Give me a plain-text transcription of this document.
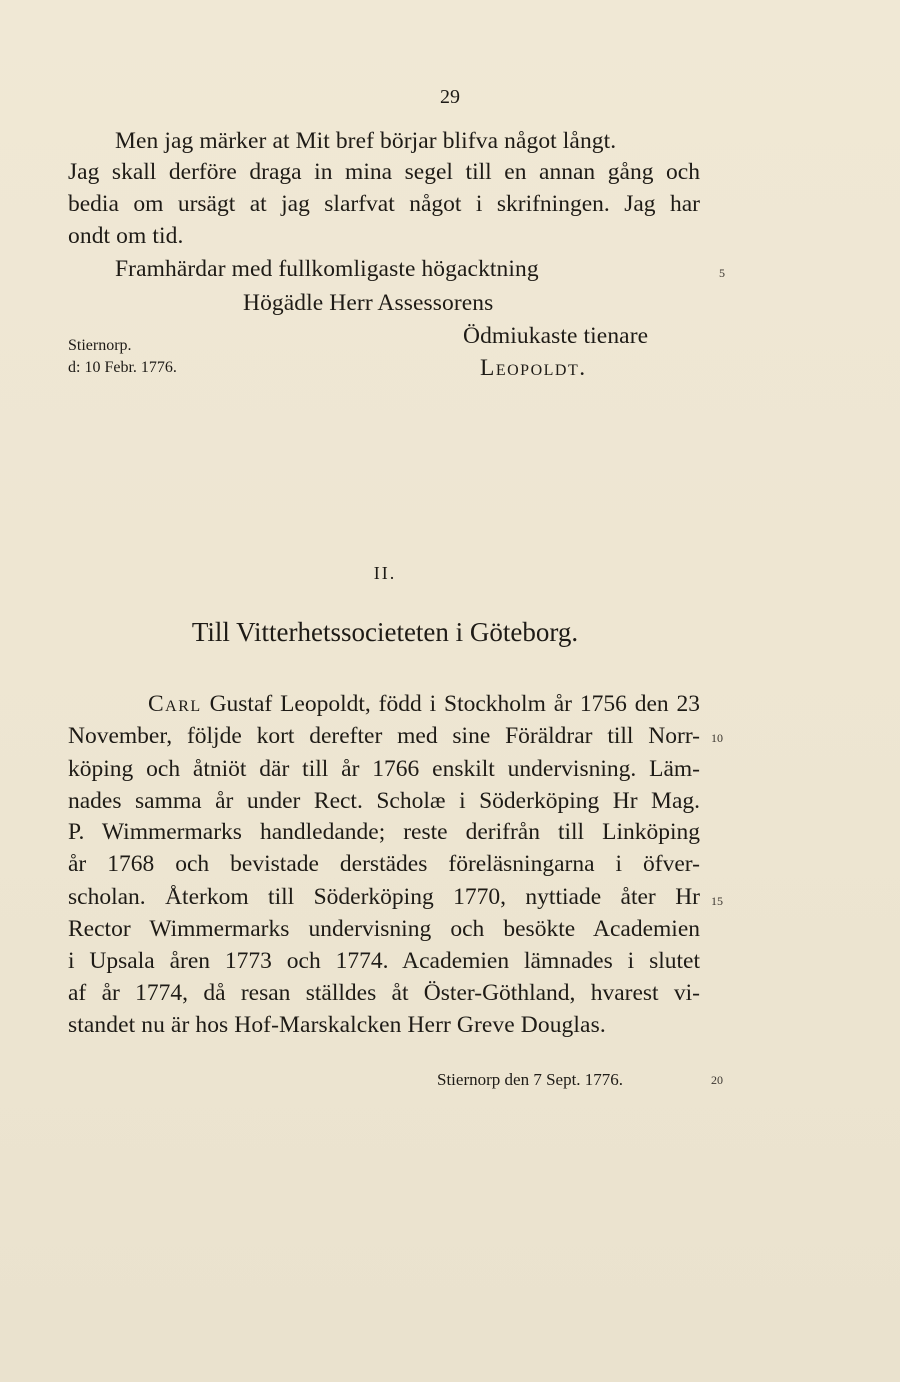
29
Men jag märker at Mit bref börjar blifva något långt.
Jag skall derföre draga in mina segel till en annan gång och
bedia om ursägt at jag slarfvat något i skrifningen. Jag har
ondt om tid.
Framhärdar med fullkomligaste högacktning	5
Högädle Herr Assessorens
Stiernorp.	Ödmiukaste tienare
d: 10 Febr. 1776.	Leopoldt.
II.
Till Vitterhetssocieteten i Göteborg.
Carl Gustaf Leopoldt, född i Stockholm år 1756 den 23
November, följde kort derefter med sine Föräldrar till Norr- 10
köping och åtniöt där till år 1766 enskilt undervisning. Läm-
nades samma år under Rect. Scholæ i Söderköping Hr Mag.
P. Wimmermarks handledande; reste derifrån till Linköping
år 1768 och bevistade derstädes föreläsningarna i öfver-
scholan. Återkom till Söderköping 1770, nyttiade åter Hr 15
Rector Wimmermarks undervisning och besökte Academien
i Upsala åren 1773 och 1774. Academien lämnades i slutet
af år 1774, då resan ställdes åt Öster-Göthland, hvarest vi-
standet nu är hos Hof-Marskalcken Herr Greve Douglas.
Stiernorp den 7 Sept. 1776.	20
